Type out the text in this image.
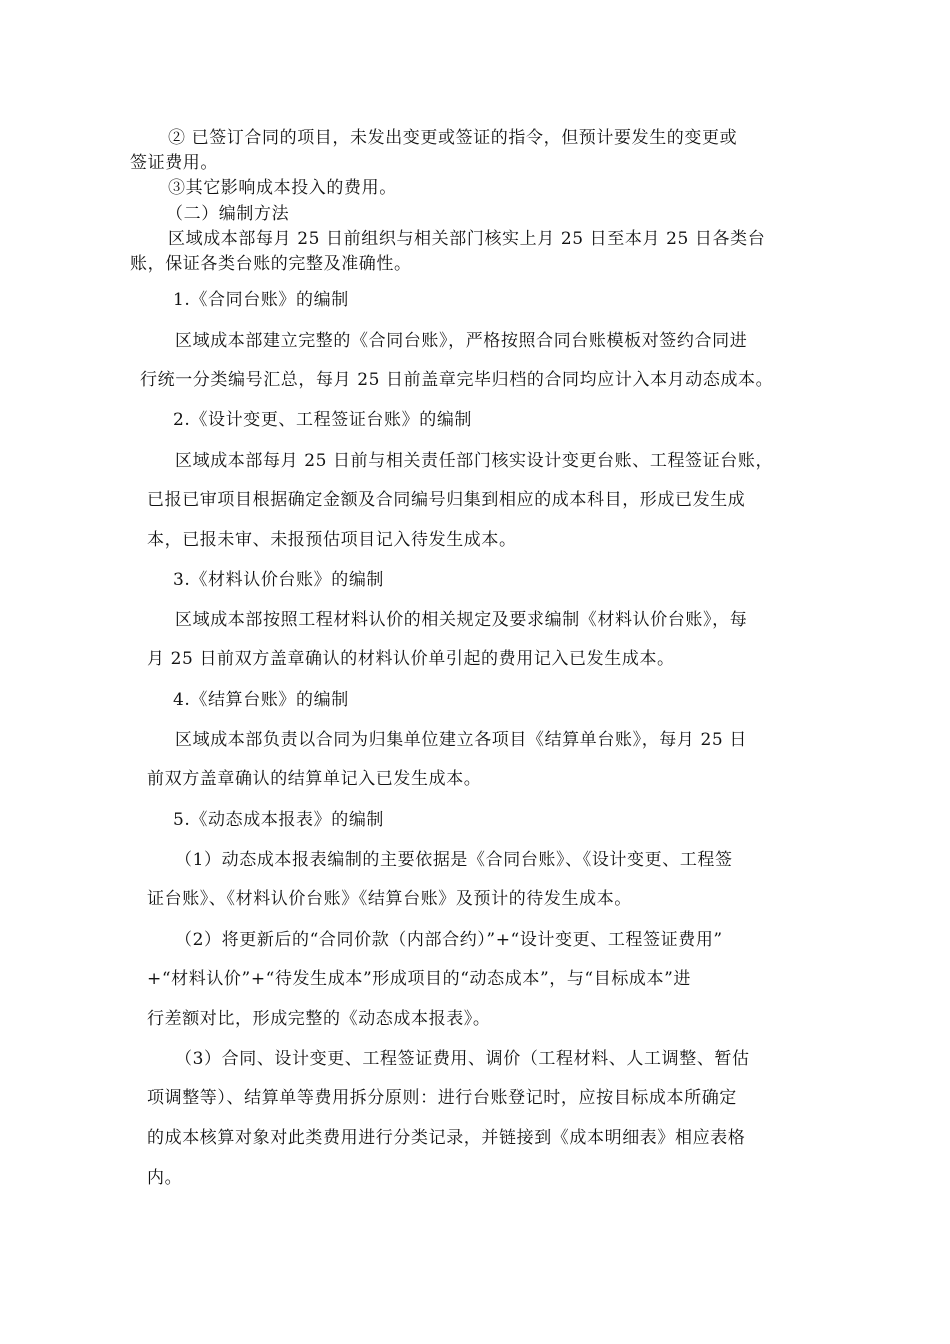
② 已签订合同的项目，未发出变更或签证的指令，但预计要发生的变更或

签证费用。

③其它影响成本投入的费用。

（二）编制方法

区域成本部每月 25 日前组织与相关部门核实上月 25 日至本月 25 日各类台

账，保证各类台账的完整及准确性。

1.《合同台账》的编制

区域成本部建立完整的《合同台账》，严格按照合同台账模板对签约合同进

行统一分类编号汇总，每月 25 日前盖章完毕归档的合同均应计入本月动态成本。

2.《设计变更、工程签证台账》的编制

区域成本部每月 25 日前与相关责任部门核实设计变更台账、工程签证台账，

已报已审项目根据确定金额及合同编号归集到相应的成本科目，形成已发生成

本，已报未审、未报预估项目记入待发生成本。

3.《材料认价台账》的编制

区域成本部按照工程材料认价的相关规定及要求编制《材料认价台账》，每

月 25 日前双方盖章确认的材料认价单引起的费用记入已发生成本。

4.《结算台账》的编制

区域成本部负责以合同为归集单位建立各项目《结算单台账》，每月 25 日

前双方盖章确认的结算单记入已发生成本。

5.《动态成本报表》的编制

（1）动态成本报表编制的主要依据是《合同台账》、《设计变更、工程签

证台账》、《材料认价台账》《结算台账》及预计的待发生成本。

（2）将更新后的“合同价款（内部合约）”+“设计变更、工程签证费用”

+“材料认价”+“待发生成本”形成项目的“动态成本”，与“目标成本”进

行差额对比，形成完整的《动态成本报表》。

（3）合同、设计变更、工程签证费用、调价（工程材料、人工调整、暂估

项调整等）、结算单等费用拆分原则：进行台账登记时，应按目标成本所确定

的成本核算对象对此类费用进行分类记录，并链接到《成本明细表》相应表格

内。
